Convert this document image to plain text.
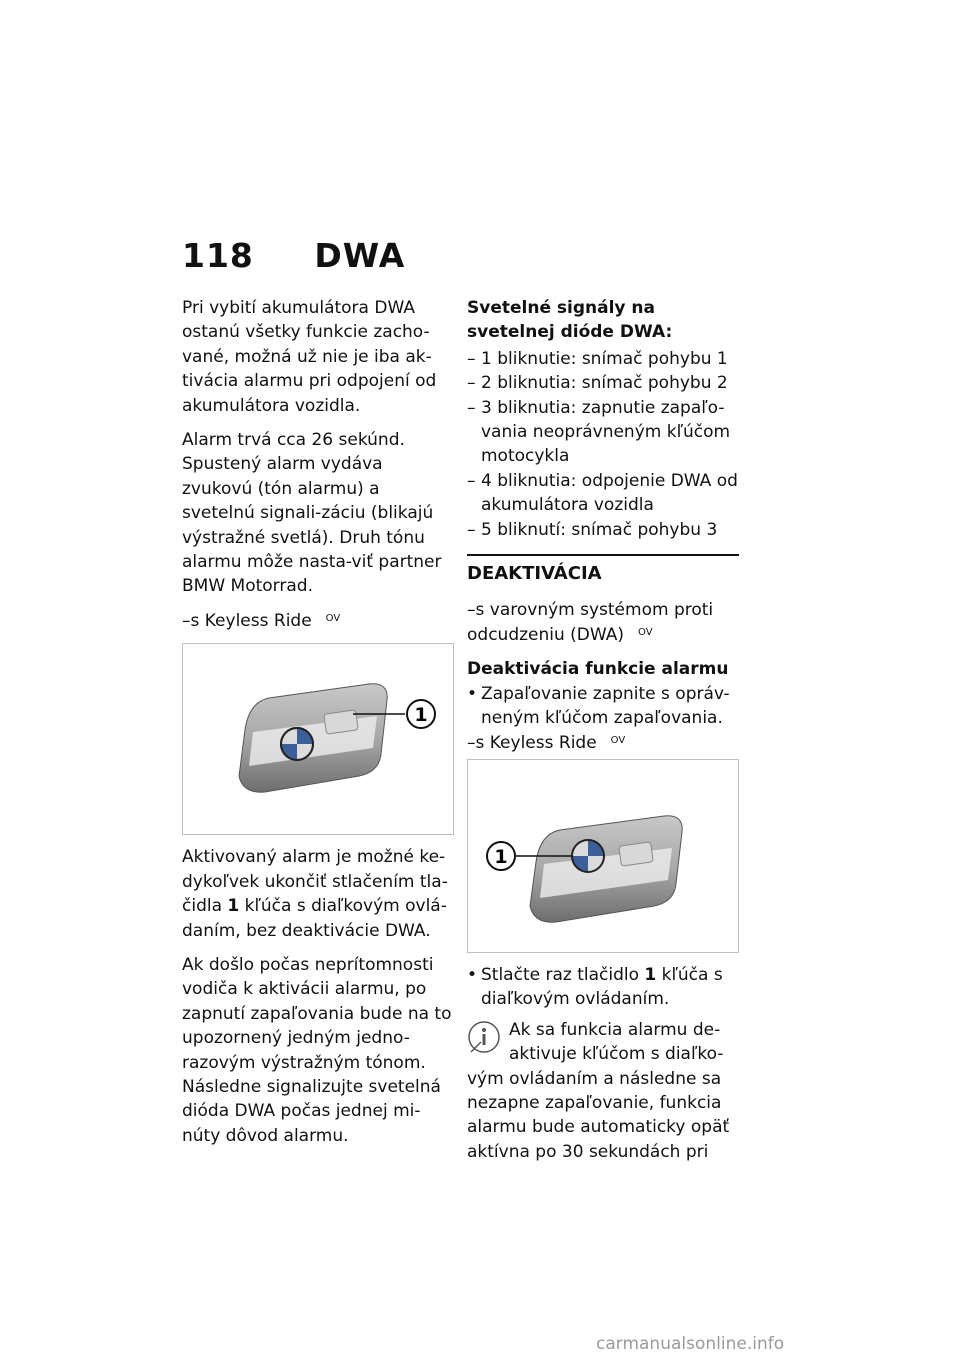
118 DWA

Pri vybití akumulátora DWA ostanú všetky funkcie zacho-vané, možná už nie je iba ak-tivácia alarmu pri odpojení od akumulátora vozidla.

Alarm trvá cca 26 sekúnd. Spustený alarm vydáva zvukovú (tón alarmu) a svetelnú signali-záciu (blikajú výstražné svetlá). Druh tónu alarmu môže nasta-viť partner BMW Motorrad.

–s Keyless Ride $^{OV}$

1

Aktivovaný alarm je možné ke-dykoľvek ukončiť stlačením tla-čidla 1 kľúča s diaľkovým ovlá-daním, bez deaktivácie DWA.

Ak došlo počas neprítomnosti vodiča k aktivácii alarmu, po zapnutí zapaľovania bude na to upozornený jedným jedno-razovým výstražným tónom. Následne signalizujte svetelná dióda DWA počas jednej mi-núty dôvod alarmu.

Svetelné signály na svetelnej dióde DWA:

– 1 bliknutie: snímač pohybu 1
– 2 bliknutia: snímač pohybu 2
– 3 bliknutia: zapnutie zapaľo-vania neoprávneným kľúčom motocykla
– 4 bliknutia: odpojenie DWA od akumulátora vozidla
– 5 bliknutí: snímač pohybu 3
DEAKTIVÁCIA

–s varovným systémom proti odcudzeniu (DWA) $^{OV}$

Deaktivácia funkcie alarmu

• Zapaľovanie zapnite s opráv-neným kľúčom zapaľovania.
–s Keyless Ride $^{OV}$
1
• Stlačte raz tlačidlo 1 kľúča s diaľkovým ovládaním.
Ak sa funkcia alarmu de-aktivuje kľúčom s diaľko-vým ovládaním a následne sa nezapne zapaľovanie, funkcia alarmu bude automaticky opäť aktívna po 30 sekundách pri
carmanualsonline.info
